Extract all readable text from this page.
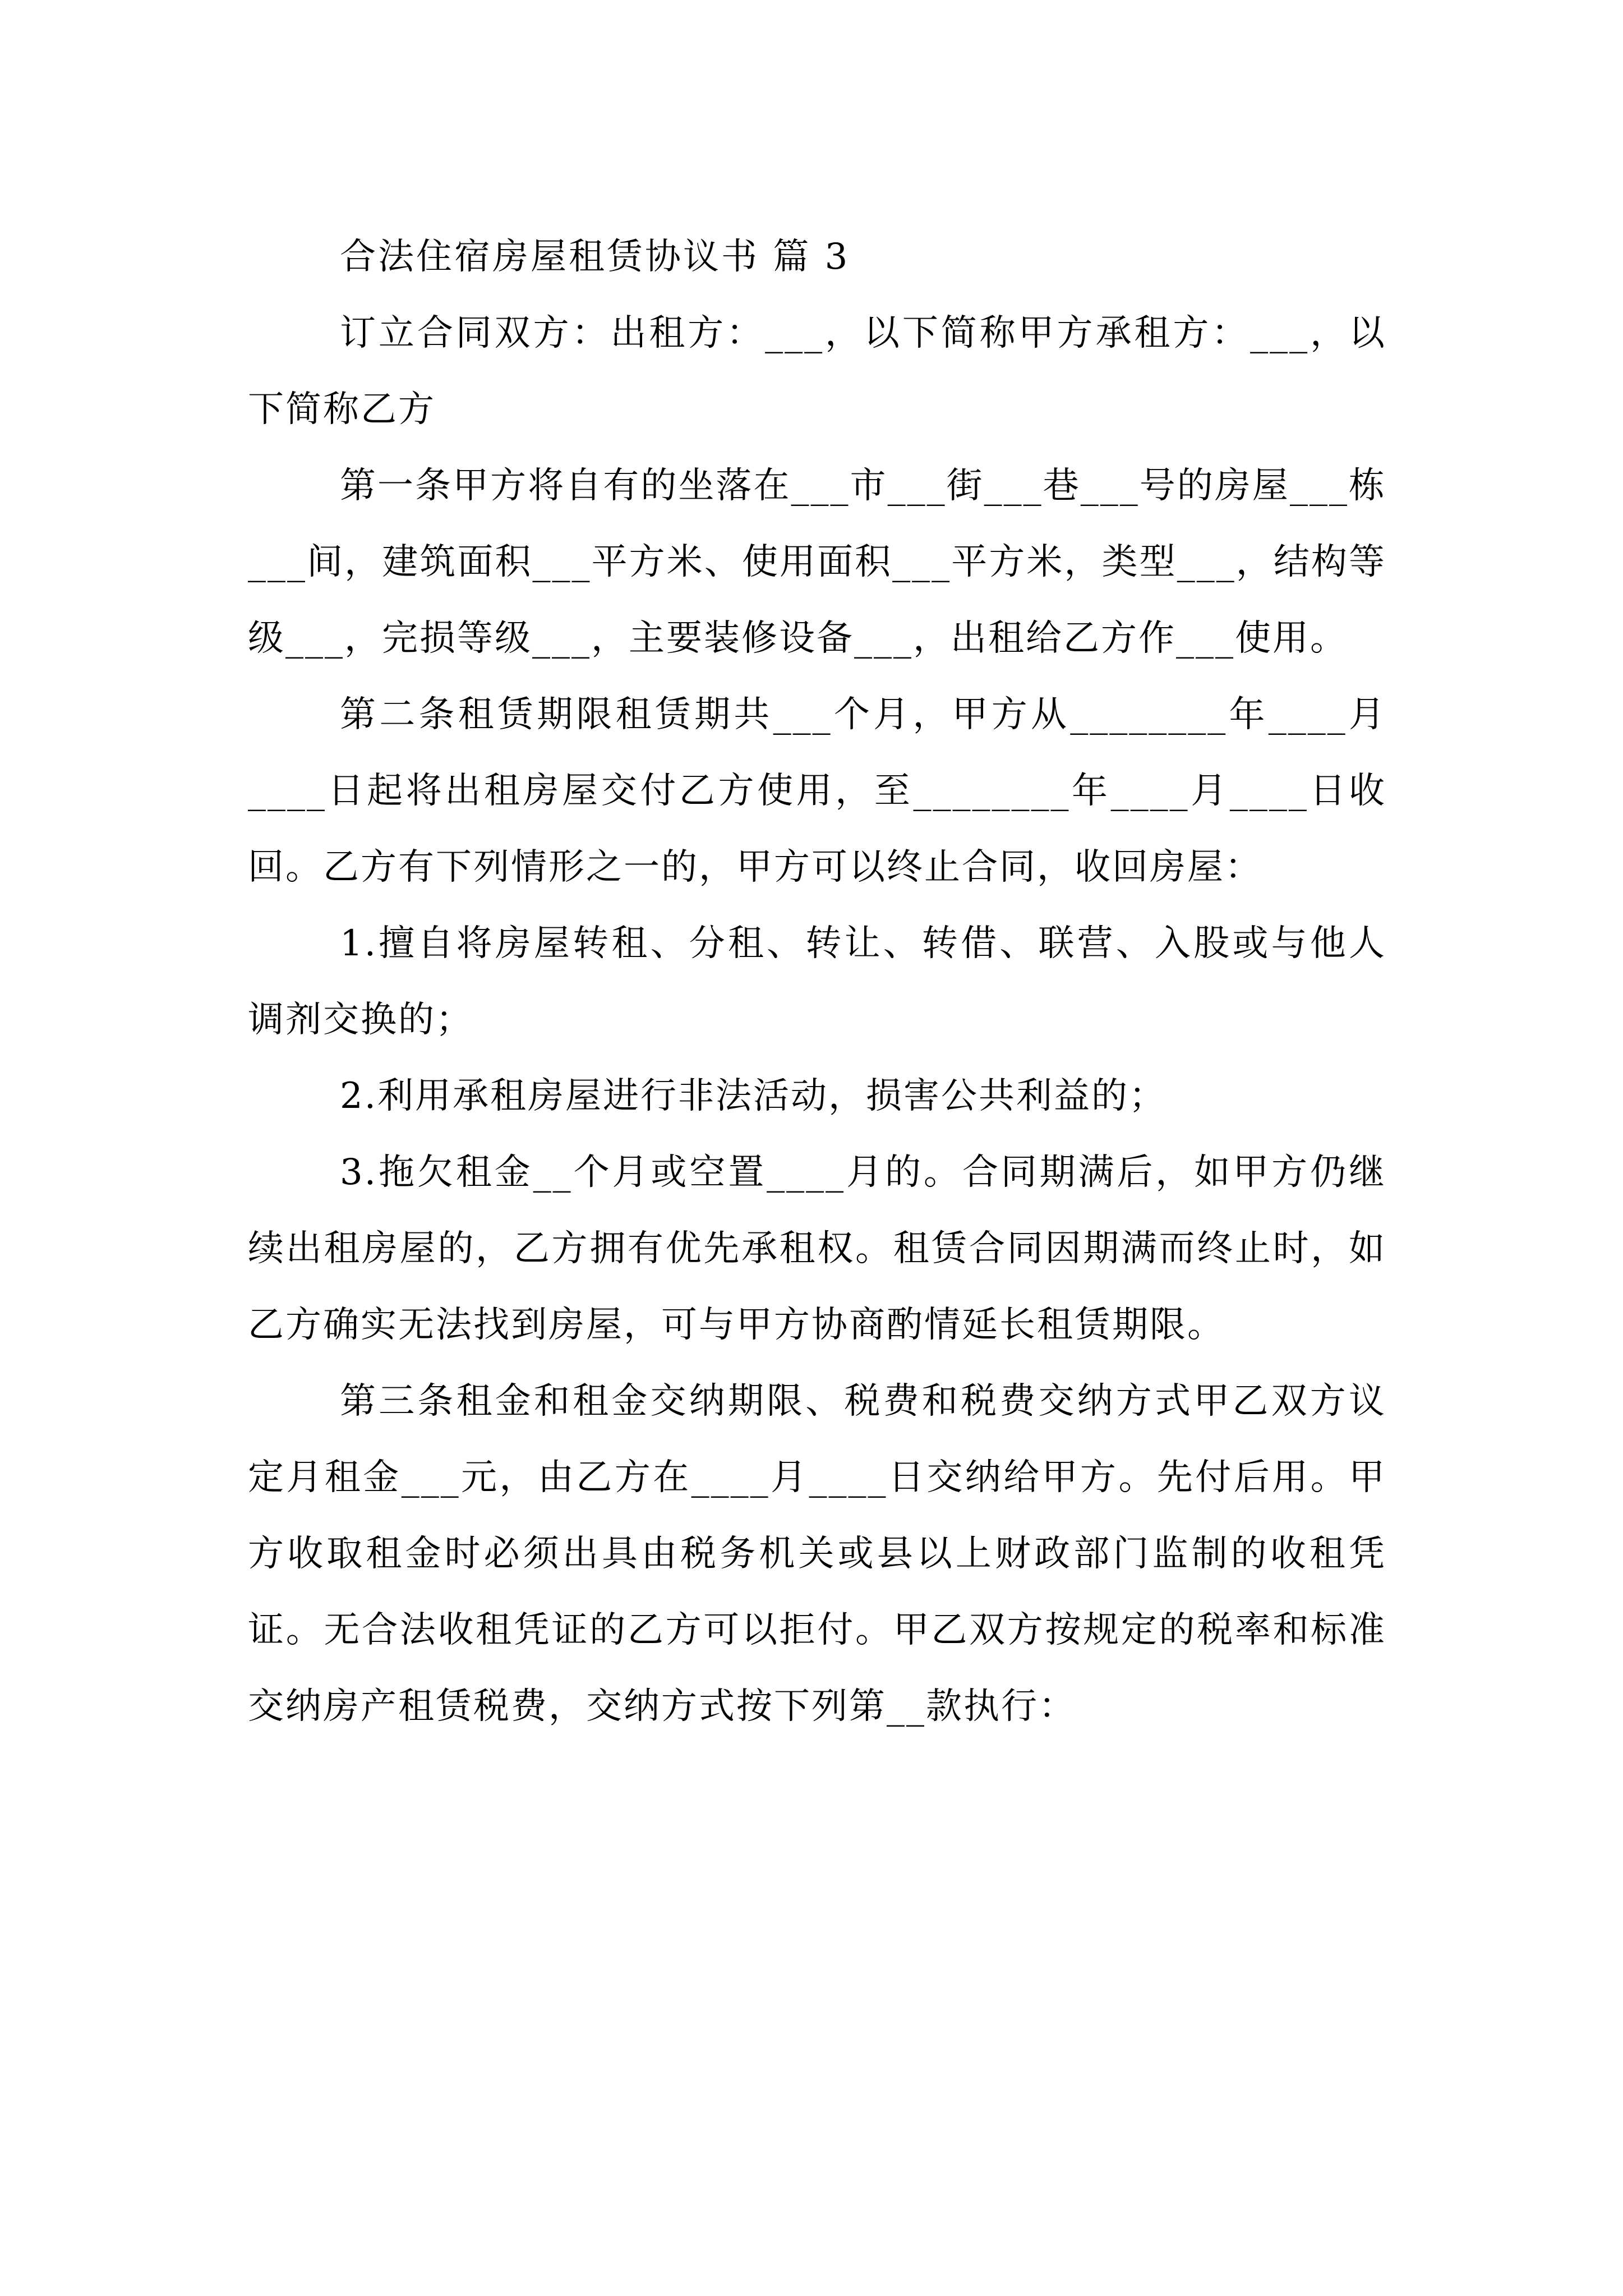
合法住宿房屋租赁协议书 篇 3

订立合同双方：出租方：___，以下简称甲方承租方：___，以下简称乙方

第一条甲方将自有的坐落在___市___街___巷___号的房屋___栋___间，建筑面积___平方米、使用面积___平方米，类型___，结构等级___，完损等级___，主要装修设备___，出租给乙方作___使用。

第二条租赁期限租赁期共___个月，甲方从________年____月____日起将出租房屋交付乙方使用，至________年____月____日收回。乙方有下列情形之一的，甲方可以终止合同，收回房屋：

1.擅自将房屋转租、分租、转让、转借、联营、入股或与他人调剂交换的；

2.利用承租房屋进行非法活动，损害公共利益的；

3.拖欠租金__个月或空置____月的。合同期满后，如甲方仍继续出租房屋的，乙方拥有优先承租权。租赁合同因期满而终止时，如乙方确实无法找到房屋，可与甲方协商酌情延长租赁期限。

第三条租金和租金交纳期限、税费和税费交纳方式甲乙双方议定月租金___元，由乙方在____月____日交纳给甲方。先付后用。甲方收取租金时必须出具由税务机关或县以上财政部门监制的收租凭证。无合法收租凭证的乙方可以拒付。甲乙双方按规定的税率和标准交纳房产租赁税费，交纳方式按下列第__款执行：
